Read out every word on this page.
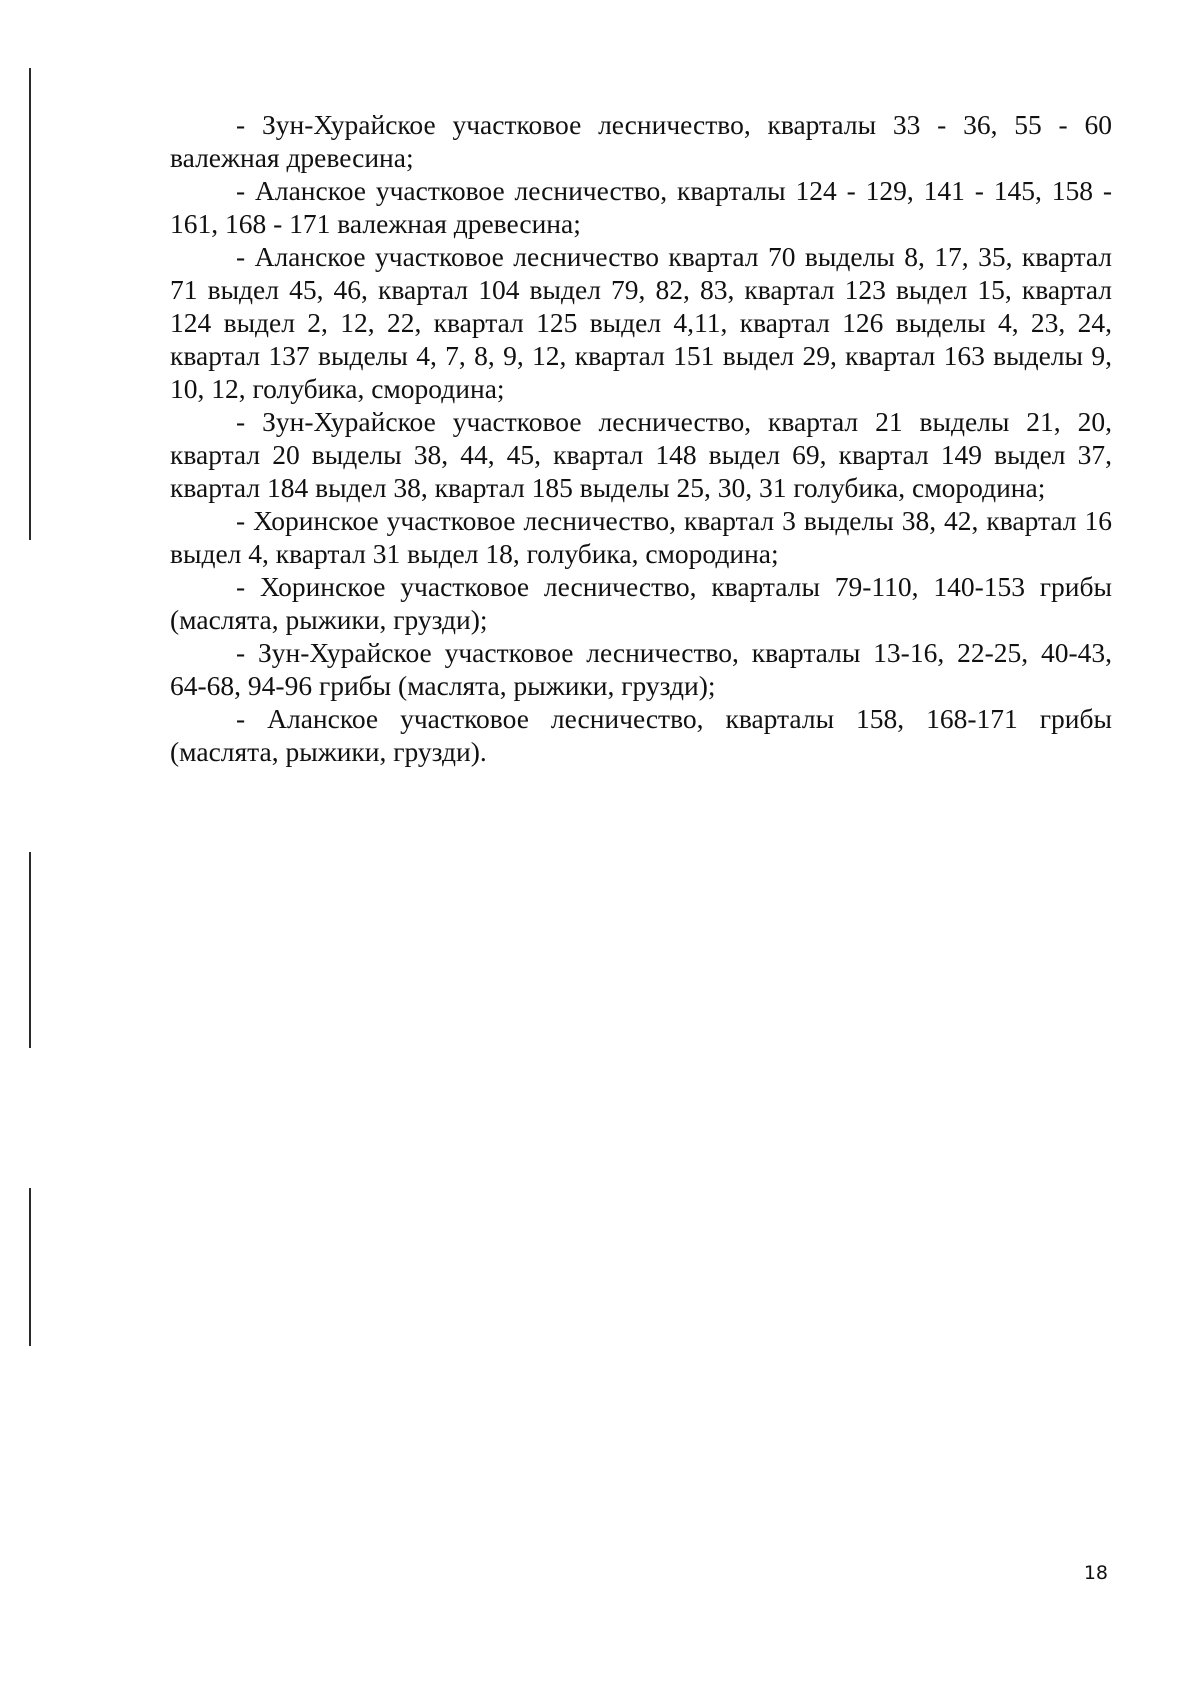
- Зун-Хурайское участковое лесничество, кварталы 33 - 36, 55 - 60 валежная древесина;

- Аланское участковое лесничество, кварталы 124 - 129, 141 - 145, 158 - 161, 168 - 171 валежная древесина;

- Аланское участковое лесничество квартал 70 выделы 8, 17, 35, квартал 71 выдел 45, 46, квартал 104 выдел 79, 82, 83, квартал 123 выдел 15, квартал 124 выдел 2, 12, 22, квартал 125 выдел 4,11, квартал 126 выделы 4, 23, 24, квартал 137 выделы 4, 7, 8, 9, 12, квартал 151 выдел 29, квартал 163 выделы 9, 10, 12, голубика, смородина;

- Зун-Хурайское участковое лесничество, квартал 21 выделы 21, 20, квартал 20 выделы 38, 44, 45, квартал 148 выдел 69, квартал 149 выдел 37, квартал 184 выдел 38, квартал 185 выделы 25, 30, 31 голубика, смородина;

- Хоринское участковое лесничество, квартал 3 выделы 38, 42, квартал 16 выдел 4, квартал 31 выдел 18, голубика, смородина;

- Хоринское участковое лесничество, кварталы 79-110, 140-153 грибы (маслята, рыжики, грузди);

- Зун-Хурайское участковое лесничество, кварталы 13-16, 22-25, 40-43, 64-68, 94-96 грибы (маслята, рыжики, грузди);

- Аланское участковое лесничество, кварталы 158, 168-171 грибы (маслята, рыжики, грузди).

18
